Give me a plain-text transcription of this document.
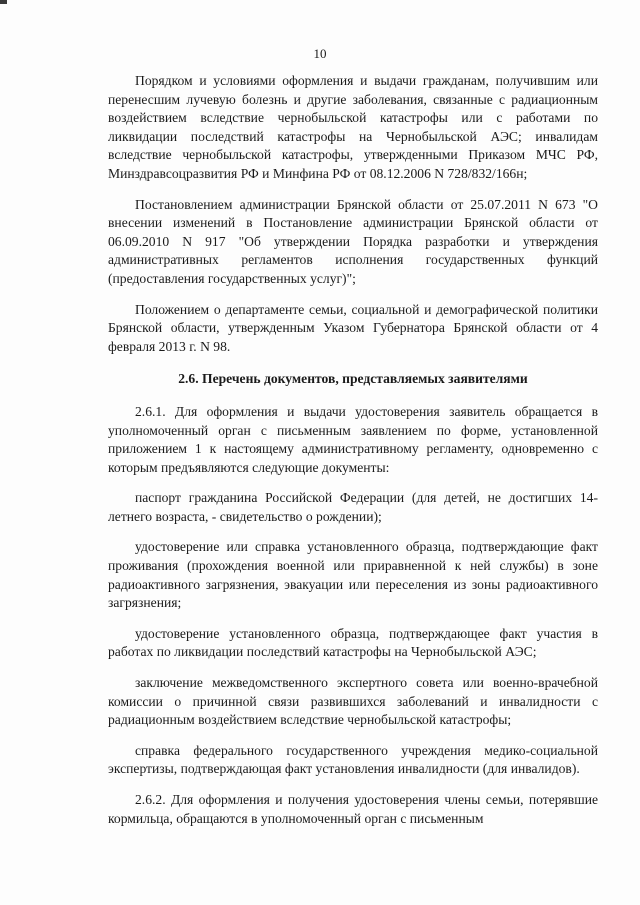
10

Порядком и условиями оформления и выдачи гражданам, получившим или перенесшим лучевую болезнь и другие заболевания, связанные с радиационным воздействием вследствие чернобыльской катастрофы или с работами по ликвидации последствий катастрофы на Чернобыльской АЭС; инвалидам вследствие чернобыльской катастрофы, утвержденными Приказом МЧС РФ, Минздравсоцразвития РФ и Минфина РФ от 08.12.2006 N 728/832/166н;

Постановлением администрации Брянской области от 25.07.2011 N 673 "О внесении изменений в Постановление администрации Брянской области от 06.09.2010 N 917 "Об утверждении Порядка разработки и утверждения административных регламентов исполнения государственных функций (предоставления государственных услуг)";

Положением о департаменте семьи, социальной и демографической политики Брянской области, утвержденным Указом Губернатора Брянской области от 4 февраля 2013 г. N 98.

2.6. Перечень документов, представляемых заявителями

2.6.1. Для оформления и выдачи удостоверения заявитель обращается в уполномоченный орган с письменным заявлением по форме, установленной приложением 1 к настоящему административному регламенту, одновременно с которым предъявляются следующие документы:

паспорт гражданина Российской Федерации (для детей, не достигших 14-летнего возраста, - свидетельство о рождении);

удостоверение или справка установленного образца, подтверждающие факт проживания (прохождения военной или приравненной к ней службы) в зоне радиоактивного загрязнения, эвакуации или переселения из зоны радиоактивного загрязнения;

удостоверение установленного образца, подтверждающее факт участия в работах по ликвидации последствий катастрофы на Чернобыльской АЭС;

заключение межведомственного экспертного совета или военно-врачебной комиссии о причинной связи развившихся заболеваний и инвалидности с радиационным воздействием вследствие чернобыльской катастрофы;

справка федерального государственного учреждения медико-социальной экспертизы, подтверждающая факт установления инвалидности (для инвалидов).

2.6.2. Для оформления и получения удостоверения члены семьи, потерявшие кормильца, обращаются в уполномоченный орган с письменным
